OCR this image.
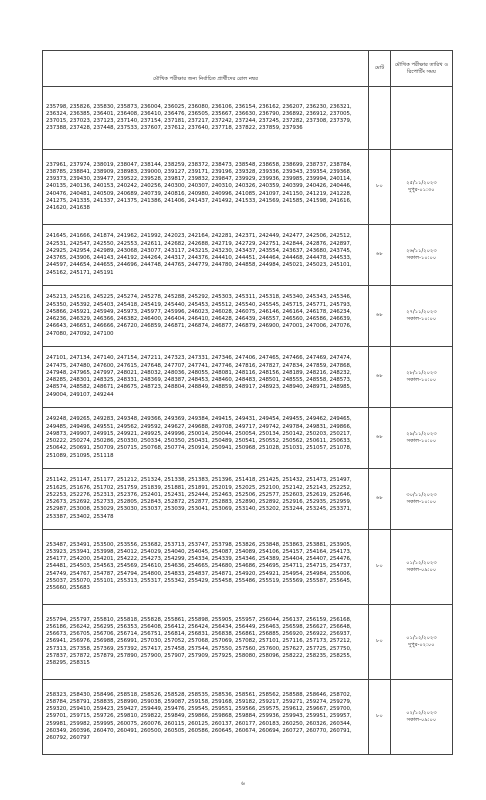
মৌখিক পরীক্ষার জন্য নির্বাচিত প্রার্থীদের রোল নম্বর	মোট	মৌখিক পরীক্ষার তারিখ ও রিপোর্টিং সময়
235798, 235826, 235830, 235873, 236004, 236025, 236080, 236106, 236154, 236162, 236207, 236230, 236321, 236324, 236385, 236401, 236408, 236410, 236476, 236505, 235667, 236630, 236790, 236892, 236912, 237005, 237015, 237023, 237123, 237140, 237154, 237181, 237217, 237242, 237244, 237245, 237282, 237308, 237379, 237388, 237428, 237448, 237533, 237607, 237612, 237640, 237718, 237822, 237859, 237936		

237961, 237974, 238019, 238047, 238144, 238259, 238372, 238473, 238548, 238658, 238699, 238737, 238784, 238785, 238841, 238909, 238983, 239000, 239127, 239171, 239196, 239328, 239336, 239343, 239354, 239368, 239373, 239430, 239477, 239522, 239528, 239817, 239832, 239847, 239929, 239936, 239985, 239994, 240114, 240135, 240136, 240153, 240242, 240256, 240300, 240307, 240310, 240326, 240359, 240399, 240426, 240446, 240476, 240481, 240509, 240689, 240739, 240816, 240980, 240996, 241085, 241097, 241150, 241219, 241228, 241275, 241335, 241337, 241375, 241386, 241406, 241437, 241492, 241533, 241569, 241585, 241598, 241616, 241620, 241638	৮০	২৫/১১/২০২৩
দুপুর-০১:৩০

241645, 241666, 241874, 241962, 241992, 242023, 242164, 242281, 242371, 242449, 242477, 242506, 242512, 242531, 242547, 242550, 242553, 242611, 242682, 242688, 242719, 242729, 242751, 242844, 242876, 242897, 242925, 242954, 242989, 243068, 243077, 243117, 243215, 243230, 243437, 243554, 243637, 243680, 243745, 243765, 243906, 244143, 244192, 244264, 244317, 244376, 244410, 244451, 244464, 244468, 244478, 244533, 244597, 244654, 244655, 244696, 244748, 244765, 244779, 244780, 244858, 244984, 245021, 245023, 245101, 245162, 245171, 245191	৬৮	২৬/১১/২০২৩
সকাল-১০:০০

245213, 245216, 245225, 245274, 245278, 245288, 245292, 245303, 245311, 245318, 245340, 245343, 245346, 245350, 245392, 245403, 245418, 245419, 245440, 245453, 245512, 245540, 245545, 245715, 245771, 245793, 245866, 245921, 245949, 245973, 245977, 245996, 246023, 246028, 246075, 246146, 246164, 246178, 246234, 246236, 246329, 246366, 246382, 246400, 246404, 246410, 246428, 246439, 246557, 246560, 246586, 246639, 246643, 246651, 246666, 246720, 246859, 246871, 246874, 246877, 246879, 246900, 247001, 247006, 247076, 247080, 247092, 247100	৬৮	২৭/১১/২০২৩
সকাল-১০:০০

247101, 247134, 247140, 247154, 247211, 247323, 247331, 247346, 247406, 247465, 247466, 247469, 247474, 247475, 247480, 247600, 247615, 247648, 247707, 247741, 247746, 247816, 247827, 247834, 247859, 247868, 247948, 247965, 247997, 248021, 248032, 248036, 248055, 248081, 248116, 248156, 248189, 248216, 248232, 248285, 248301, 248325, 248331, 248369, 248387, 248453, 248460, 248483, 248501, 248555, 248558, 248573, 248574, 248582, 248671, 248675, 248723, 248804, 248849, 248859, 248917, 248923, 248940, 248971, 248985, 249004, 249107, 249244	৬৮	২৮/১১/২০২৩
সকাল-১০:০০

249248, 249265, 249283, 249348, 249366, 249369, 249384, 249415, 249431, 249454, 249455, 249462, 249465, 249485, 249496, 249551, 249562, 249592, 249627, 249688, 249708, 249717, 249742, 249784, 249831, 249866, 249873, 249907, 249915, 249921, 249925, 249996, 250014, 250044, 250054, 250134, 250142, 250203, 250217, 250222, 250274, 250286, 250330, 250334, 250350, 250431, 250489, 250541, 250552, 250562, 250611, 250633, 250642, 250691, 250709, 250715, 250768, 250774, 250914, 250941, 250968, 251028, 251031, 251057, 251078, 251089, 251095, 251118	৬৮	২৯/১১/২০২৩
সকাল-১০:০০

251142, 251147, 251177, 251212, 251324, 251338, 251383, 251396, 251418, 251425, 251432, 251473, 251497, 251625, 251676, 251702, 251759, 251839, 251881, 251891, 252019, 252025, 252100, 252142, 252143, 252252, 252253, 252276, 252313, 252376, 252401, 252431, 252444, 252463, 252506, 252577, 252603, 252619, 252646, 252673, 252692, 252733, 252805, 252843, 252872, 252877, 252883, 252890, 252892, 252916, 252935, 252959, 252987, 253008, 253029, 253030, 253037, 253039, 253041, 253069, 253140, 253202, 253244, 253245, 253371, 253387, 253402, 253478	৬৮	৩০/১১/২০২৩
সকাল-১০:০০

253487, 253491, 253500, 253556, 253682, 253713, 253747, 253798, 253826, 253848, 253863, 253881, 253905, 253923, 253941, 253998, 254012, 254029, 254040, 254045, 254087, 254089, 254106, 254157, 254164, 254173, 254177, 254200, 254201, 254222, 254273, 254299, 254334, 254339, 254346, 254389, 254404, 254407, 254476, 254481, 254503, 254563, 254569, 254610, 254636, 254665, 254680, 254686, 254695, 254711, 254715, 254737, 254749, 254767, 254787, 254794, 254800, 254833, 254837, 254871, 254920, 254921, 254954, 254984, 255006, 255037, 255070, 255101, 255313, 255317, 255342, 255429, 255458, 255486, 255519, 255569, 255587, 255645, 255660, 255683	৮০	০১/১২/২০২৩
সকাল-০৯:০০

255794, 255797, 255810, 255818, 255828, 255861, 255898, 255905, 255957, 256044, 256137, 256159, 256168, 256186, 256242, 256295, 256353, 256408, 256412, 256424, 256434, 256449, 256463, 256598, 256627, 256648, 256673, 256705, 256706, 256714, 256751, 256814, 256831, 256838, 256861, 256885, 256920, 256922, 256937, 256941, 256976, 256988, 256991, 257030, 257052, 257068, 257069, 257082, 257101, 257116, 257173, 257212, 257313, 257358, 257369, 257392, 257417, 257458, 257544, 257550, 257560, 257600, 257627, 257725, 257750, 257837, 257872, 257879, 257890, 257900, 257907, 257909, 257925, 258080, 258096, 258222, 258235, 258255, 258295, 258315	৮০	০১/১২/২০২৩
দুপুর-০২:০০

258323, 258430, 258496, 258518, 258526, 258528, 258535, 258536, 258561, 258562, 258588, 258646, 258702, 258784, 258791, 258835, 258990, 259038, 259087, 259158, 259168, 259182, 259217, 259271, 259274, 259279, 259320, 259410, 259423, 259427, 259449, 259476, 259545, 259551, 259566, 259575, 259612, 259667, 259700, 259701, 259715, 259726, 259810, 259822, 259849, 259866, 259868, 259884, 259936, 259943, 259951, 259957, 259981, 259982, 259995, 260075, 260076, 260115, 260125, 260137, 260177, 260183, 260250, 260326, 260344, 260349, 260396, 260470, 260491, 260500, 260505, 260586, 260645, 260674, 260694, 260727, 260770, 260791, 260792, 260797	৮০	০২/১২/২০২৩
সকাল-০৯:০০
৬
